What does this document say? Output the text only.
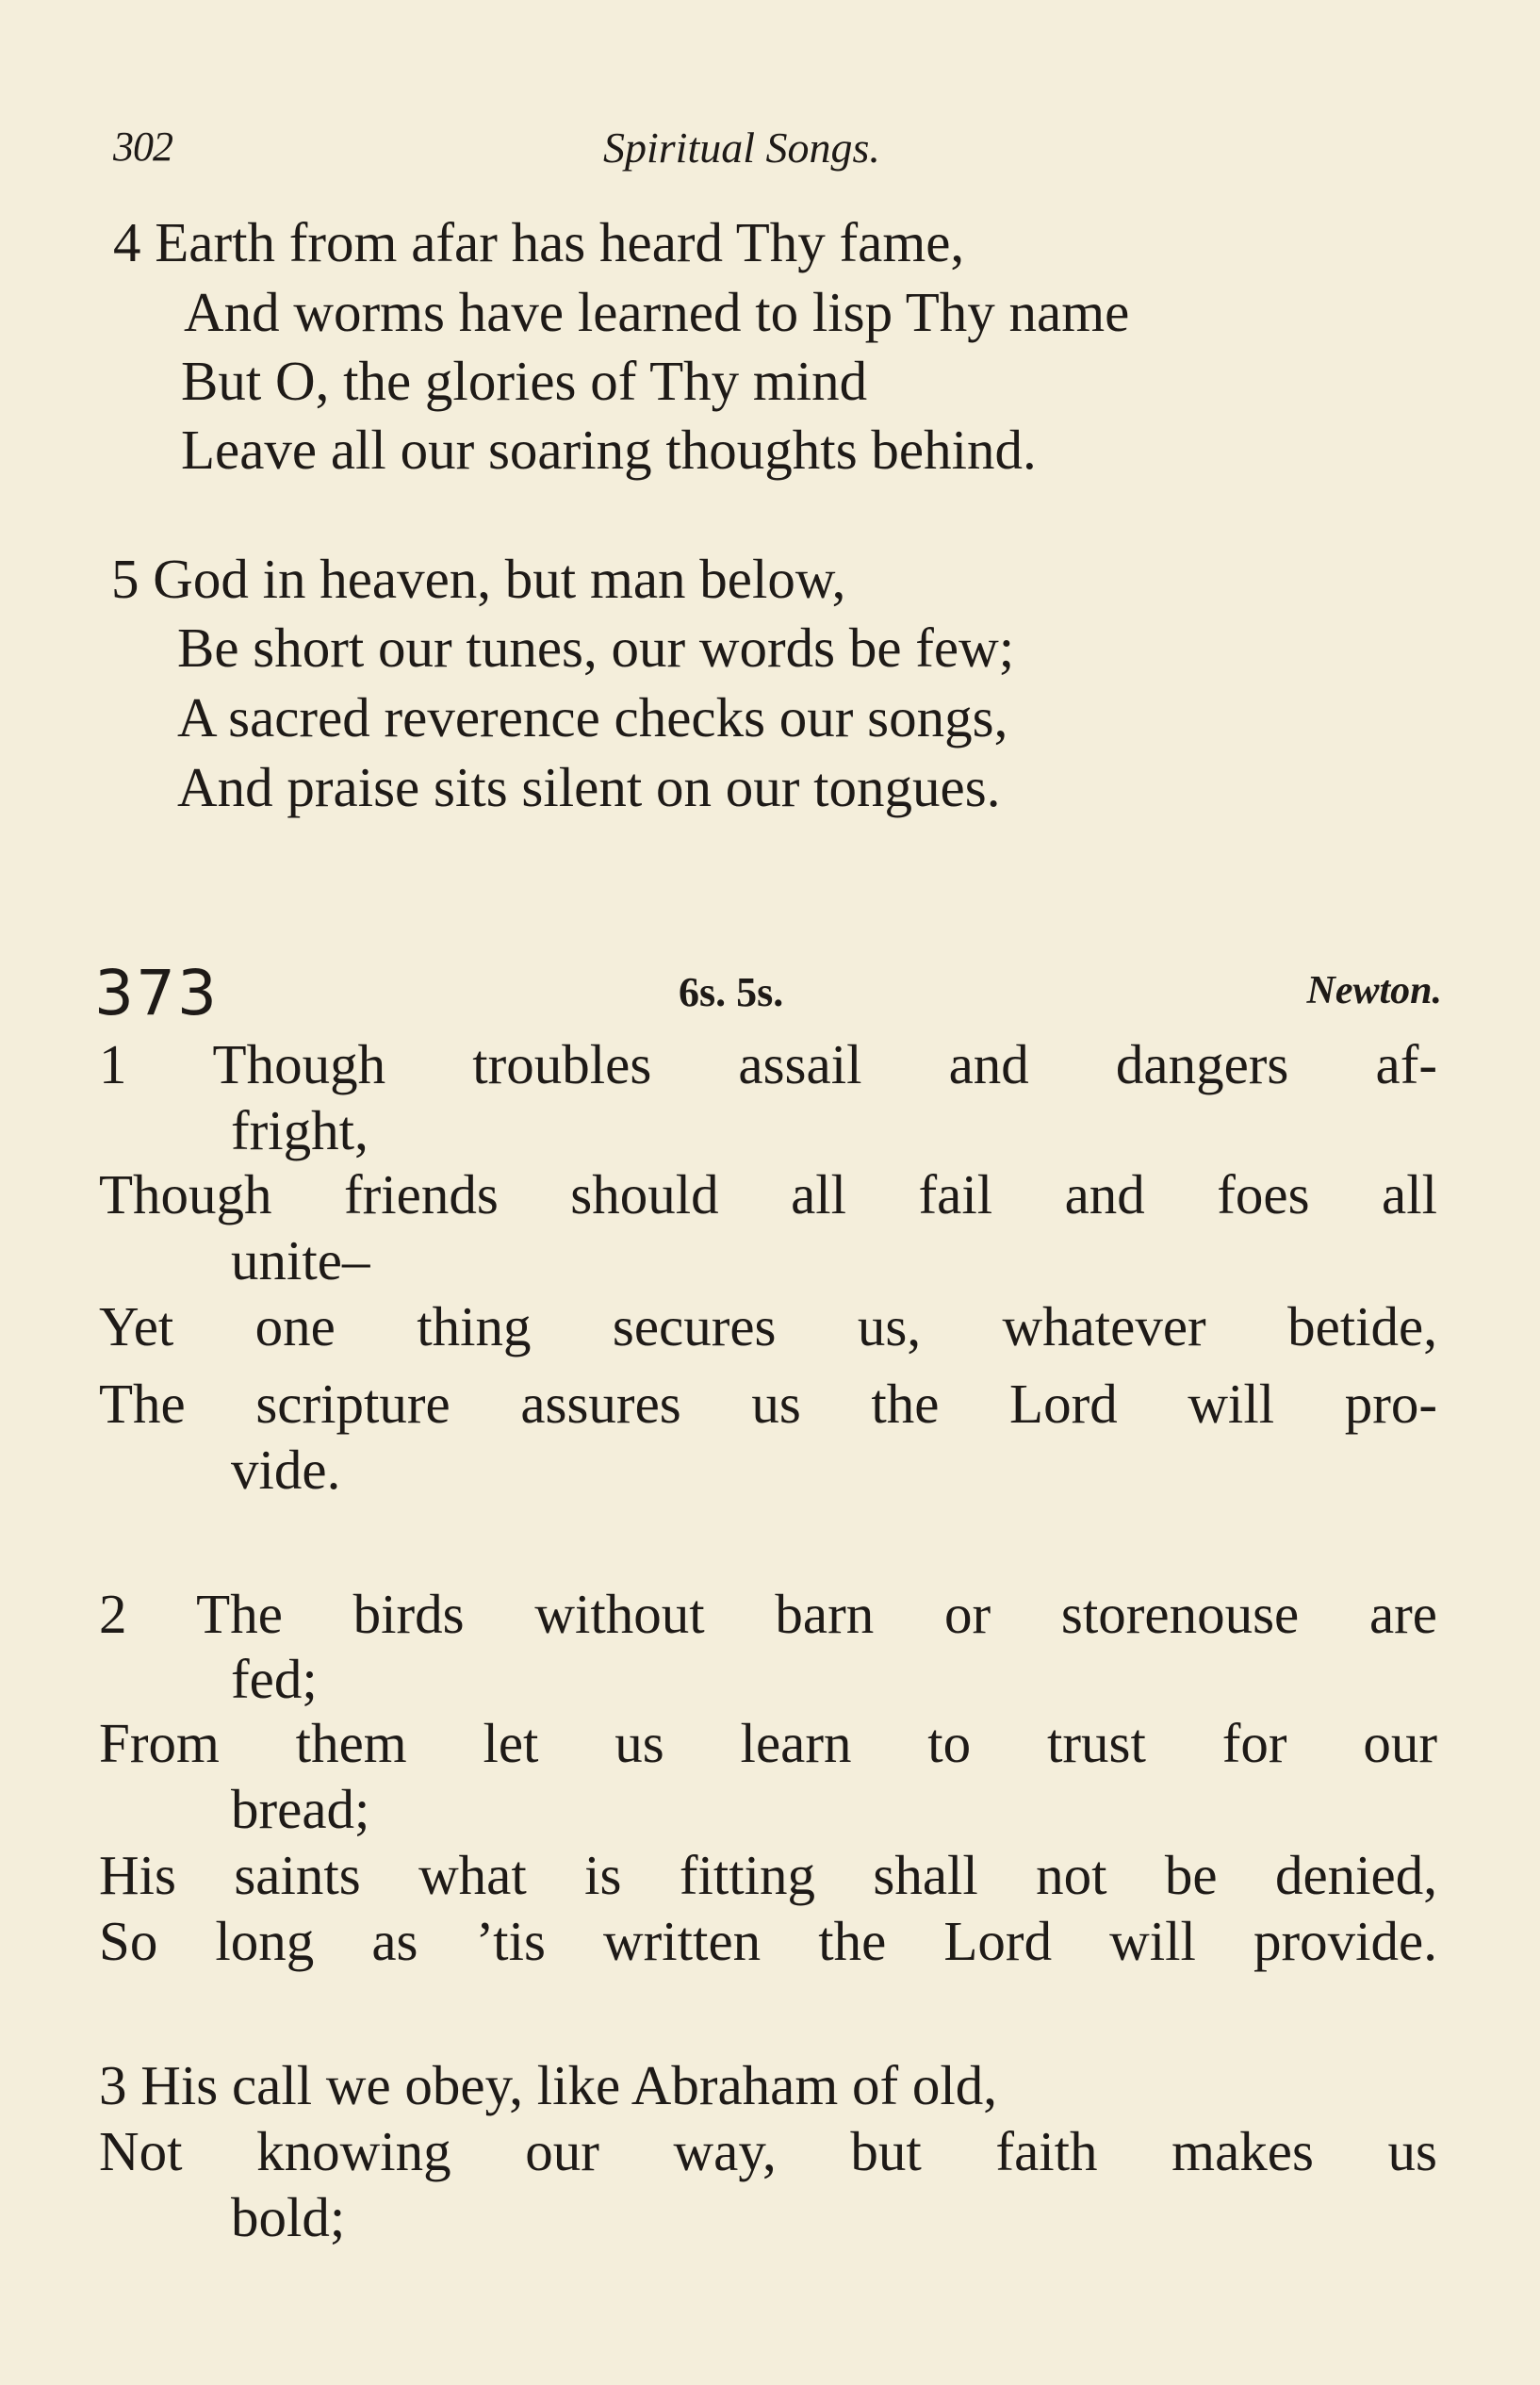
302	Spiritual Songs.
4 Earth from afar has heard Thy fame,
And worms have learned to lisp Thy name
But O, the glories of Thy mind
Leave all our soaring thoughts behind.
5 God in heaven, but man below,
Be short our tunes, our words be few;
A sacred reverence checks our songs,
And praise sits silent on our tongues.
373	6s. 5s.	Newton.
1 Though troubles assail and dangers af-
fright,
Though friends should all fail and foes all
unite–
Yet one thing secures us, whatever betide,
The scripture assures us the Lord will pro-
vide.
2 The birds without barn or storenouse are
fed;
From them let us learn to trust for our
bread;
His saints what is fitting shall not be denied,
So long as ’tis written the Lord will provide.
3 His call we obey, like Abraham of old,
Not knowing our way, but faith makes us
bold;
